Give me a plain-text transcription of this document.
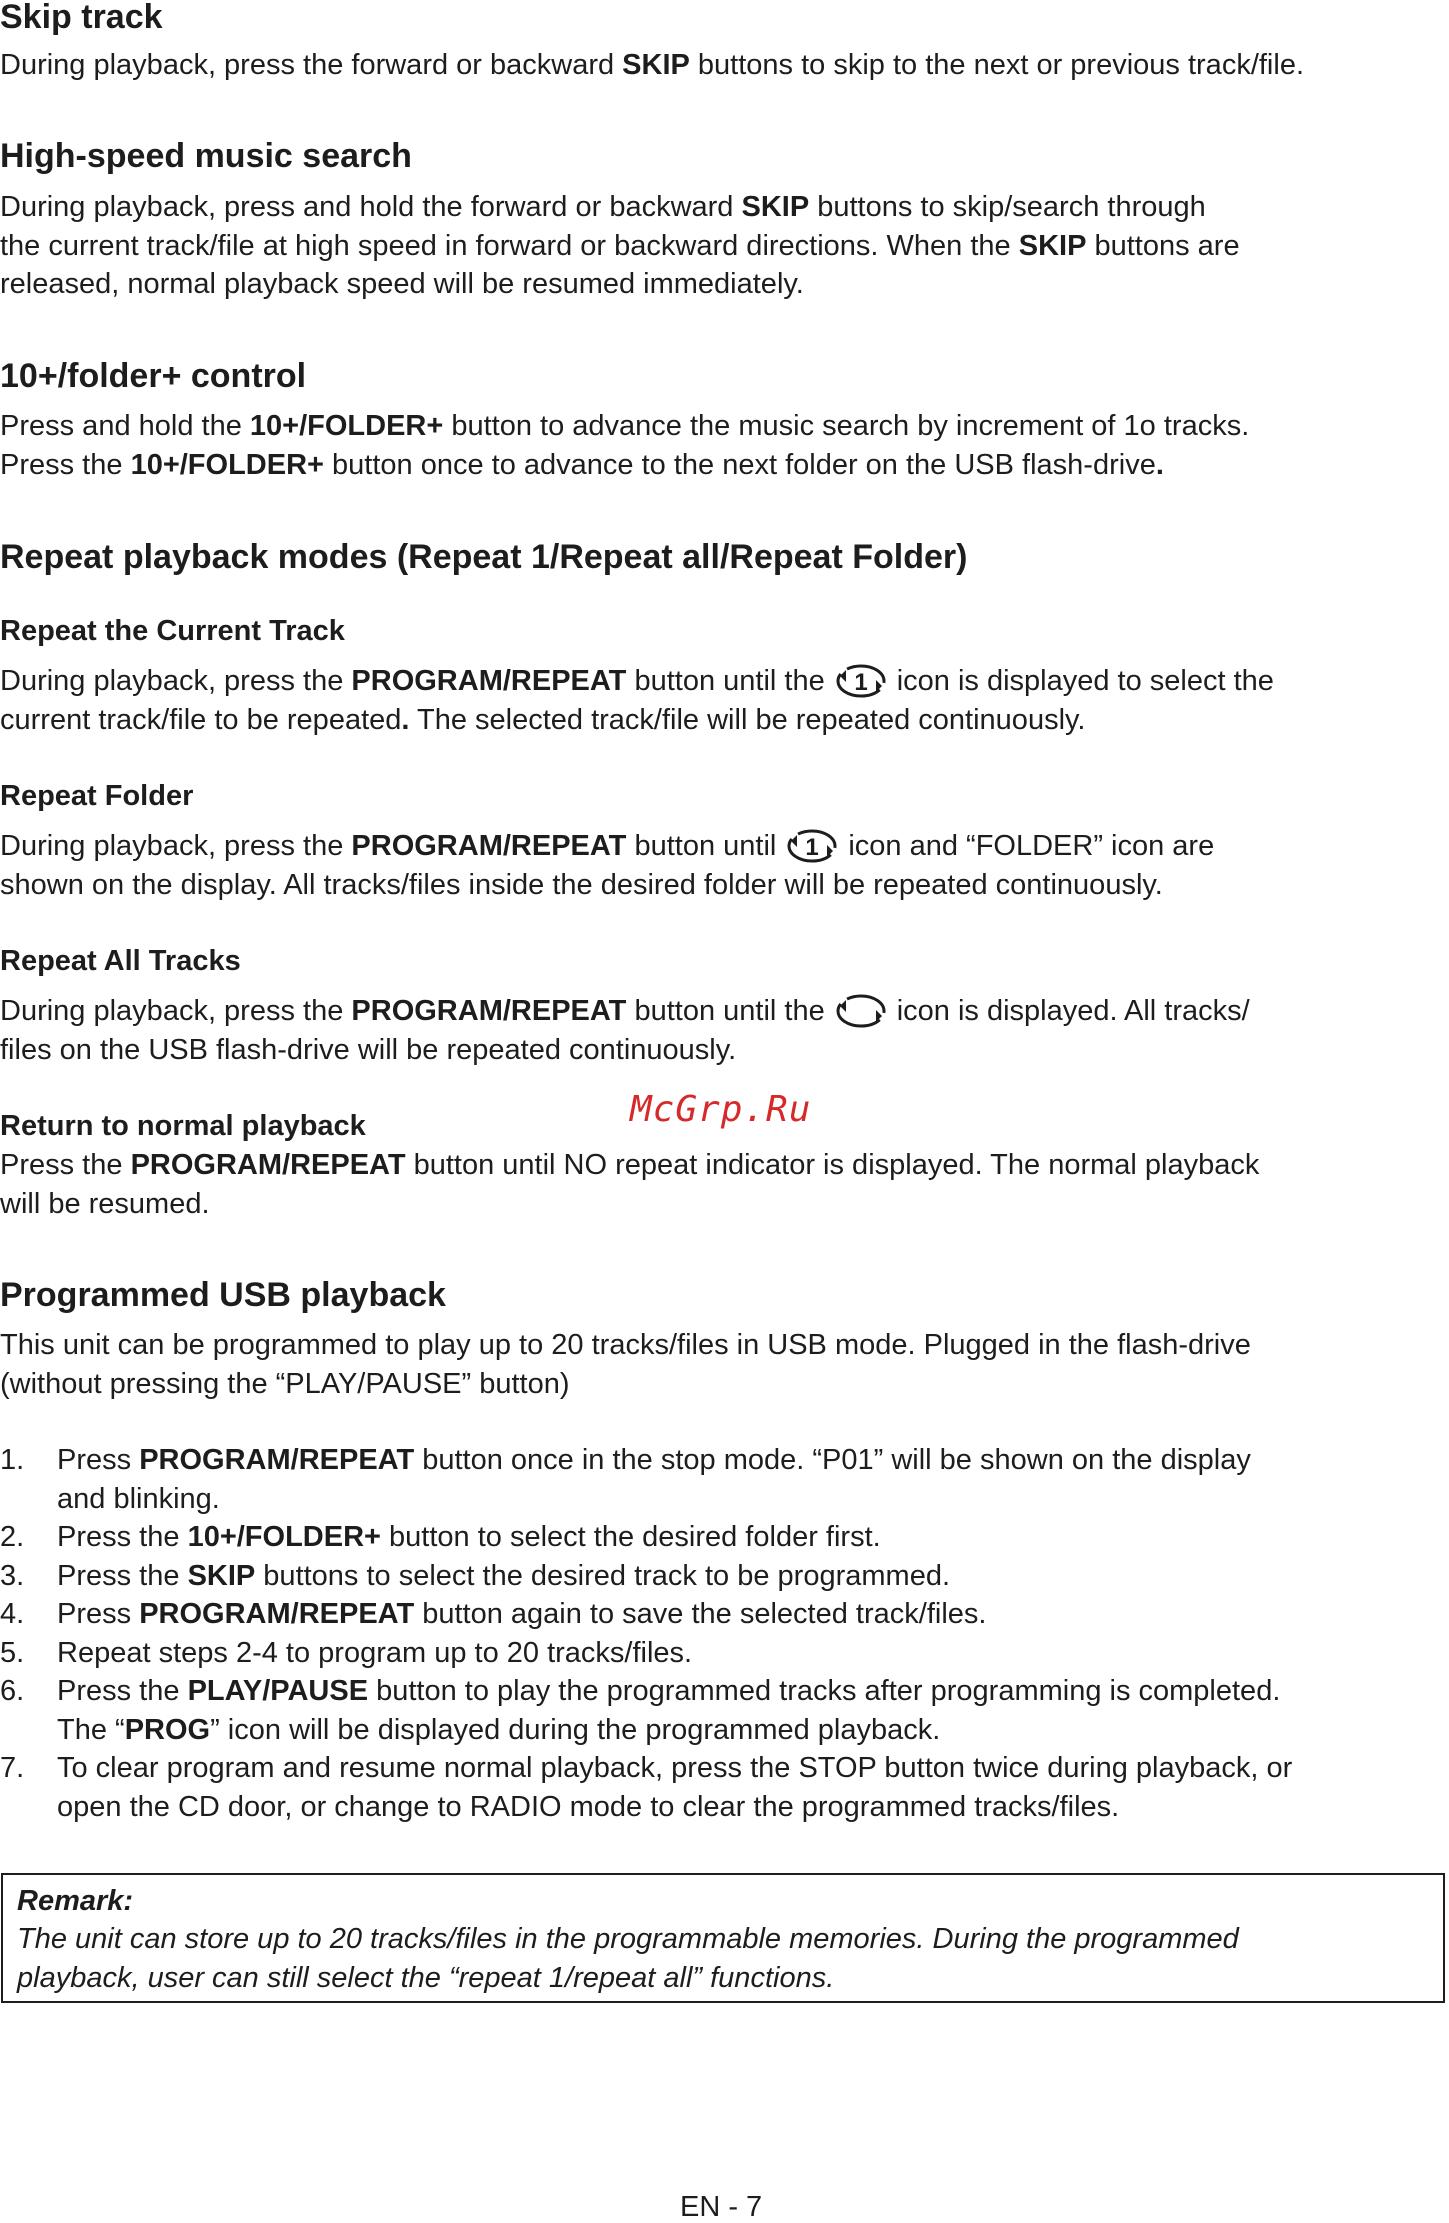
Skip track

During playback, press the forward or backward SKIP buttons to skip to the next or previous track/file.

High-speed music search

During playback, press and hold the forward or backward SKIP buttons to skip/search through

the current track/file at high speed in forward or backward directions. When the SKIP buttons are

released, normal playback speed will be resumed immediately.

10+/folder+ control

Press and hold the 10+/FOLDER+ button to advance the music search by increment of 1o tracks.

Press the 10+/FOLDER+ button once to advance to the next folder on the USB flash-drive.

Repeat playback modes (Repeat 1/Repeat all/Repeat Folder)
Repeat the Current Track

During playback, press the PROGRAM/REPEAT button until the 1 icon is displayed to select the

current track/file to be repeated. The selected track/file will be repeated continuously.

Repeat Folder

During playback, press the PROGRAM/REPEAT button until 1 icon and “FOLDER” icon are

shown on the display. All tracks/files inside the desired folder will be repeated continuously.

Repeat All Tracks

During playback, press the PROGRAM/REPEAT button until the icon is displayed. All tracks/

files on the USB flash-drive will be repeated continuously.

Return to normal playback	McGrp.Ru

Press the PROGRAM/REPEAT button until NO repeat indicator is displayed. The normal playback

will be resumed.

Programmed USB playback

This unit can be programmed to play up to 20 tracks/files in USB mode. Plugged in the flash-drive

(without pressing the “PLAY/PAUSE” button)

1. Press PROGRAM/REPEAT button once in the stop mode. “P01” will be shown on the display
and blinking.
2. Press the 10+/FOLDER+ button to select the desired folder first.
3. Press the SKIP buttons to select the desired track to be programmed.
4. Press PROGRAM/REPEAT button again to save the selected track/files.
5. Repeat steps 2-4 to program up to 20 tracks/files.
6. Press the PLAY/PAUSE button to play the programmed tracks after programming is completed.
The “PROG” icon will be displayed during the programmed playback.
7. To clear program and resume normal playback, press the STOP button twice during playback, or
open the CD door, or change to RADIO mode to clear the programmed tracks/files.
Remark:
The unit can store up to 20 tracks/files in the programmable memories. During the programmed
playback, user can still select the “repeat 1/repeat all” functions.
EN - 7
